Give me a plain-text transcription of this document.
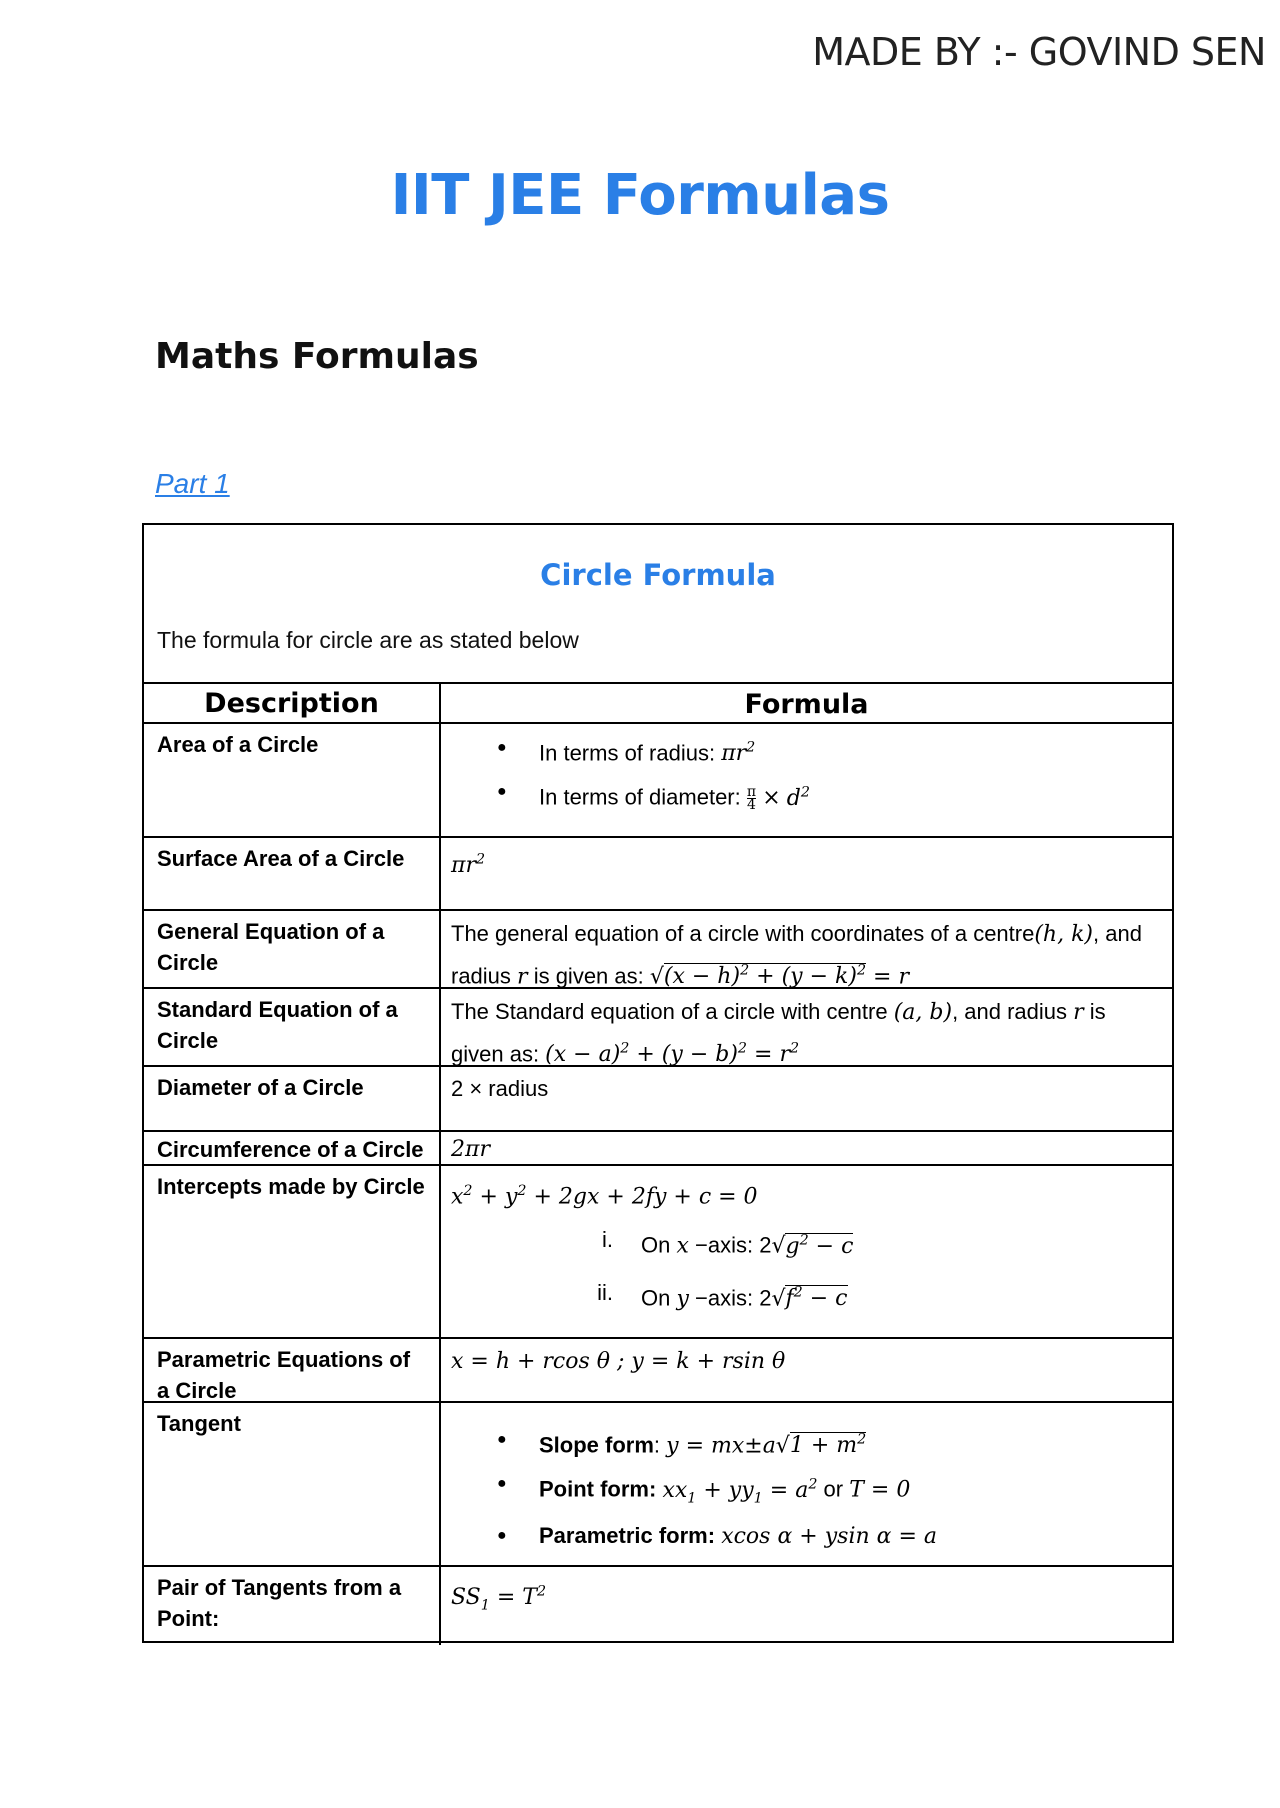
MADE BY :- GOVIND SEN
IIT JEE Formulas
Maths Formulas
Part 1
Circle Formula
The formula for circle are as stated below
Description	Formula
Area of a Circle
●	In terms of radius: $\pi r^2$
● In terms of diameter: $\frac{\pi}{4} \times d^2$
Surface Area of a Circle	$\pi r^2$
General Equation of a Circle
The general equation of a circle with coordinates of a centre(h, k), and radius r is given as: $√(x - h)^2 + (y - k)^2 = r$
Standard Equation of a Circle
The Standard equation of a circle with centre (a, b), and radius r is given as: $(x - a)^2 + (y - b)^2 = r^2$
Diameter of a Circle	2 × radius
Circumference of a Circle	2πr
Intercepts made by Circle	$x^2 + y^2 + 2gx + 2fy + c = 0$
i.	On x −axis: $2√g^2 - c$
ii.	On y −axis: $2√f^2 - c$
Parametric Equations of a Circle
x = h + rcos θ ; y = k + rsin θ
Tangent
● Slope form: $y = mx\pm a√1 + m^2$
● Point form: $xx_1 + yy_1 = a^2$ or T = 0
● Parametric form: xcos α + ysin α = a
Pair of Tangents from a Point:
$SS_1 = T^2$
